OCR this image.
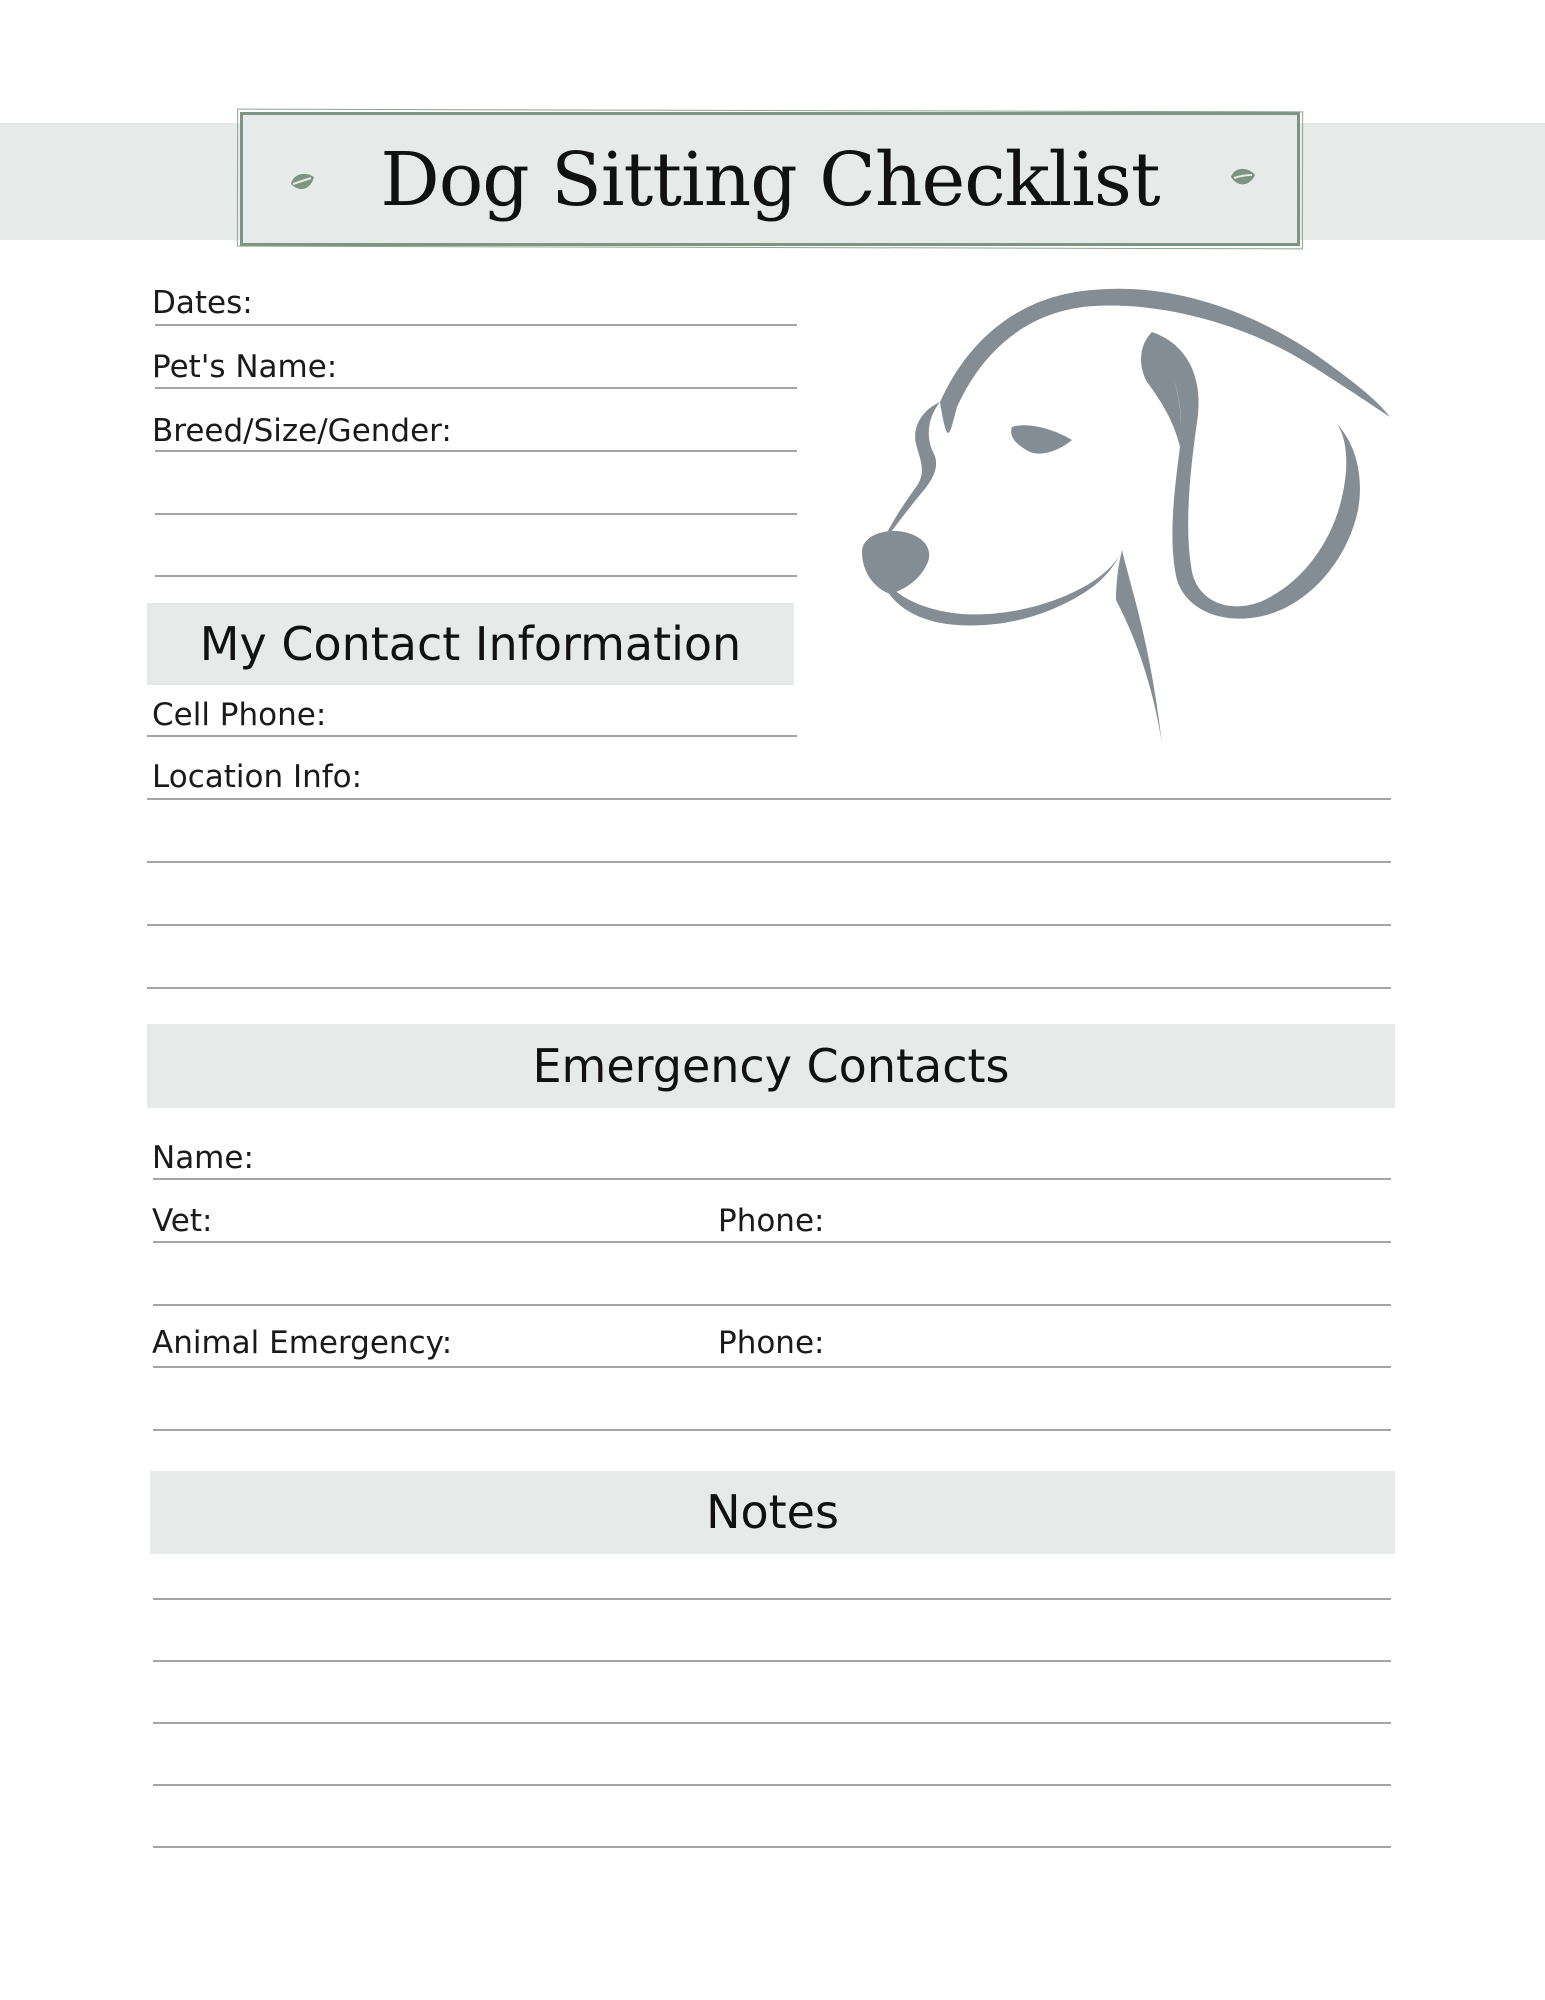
Dog Sitting Checklist
Dates:
Pet's Name:
Breed/Size/Gender:
My Contact Information
Cell Phone:
Location Info:
Emergency Contacts
Name:
Vet:	Phone:
Animal Emergency:	Phone:
Notes
